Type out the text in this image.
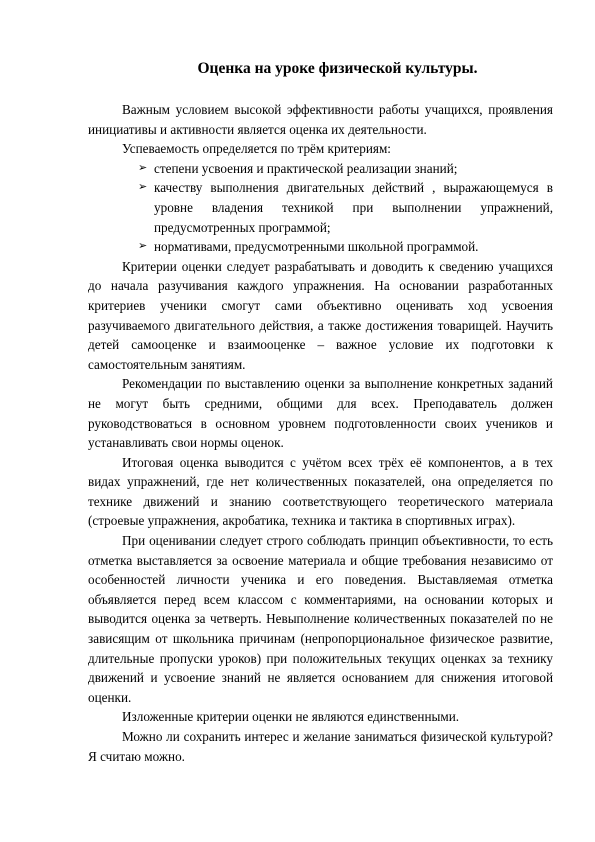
Оценка на уроке физической культуры.

Важным условием высокой эффективности работы учащихся, проявления инициативы и активности является оценка их деятельности.

Успеваемость определяется по трём критериям:

➢ степени усвоения и практической реализации знаний;
➢ качеству выполнения двигательных действий , выражающемуся в уровне владения техникой при выполнении упражнений, предусмотренных программой;
➢ нормативами, предусмотренными школьной программой.

Критерии оценки следует разрабатывать и доводить к сведению учащихся до начала разучивания каждого упражнения. На основании разработанных критериев ученики смогут сами объективно оценивать ход усвоения разучиваемого двигательного действия, а также достижения товарищей. Научить детей самооценке и взаимооценке – важное условие их подготовки к самостоятельным занятиям.

Рекомендации по выставлению оценки за выполнение конкретных заданий не могут быть средними, общими для всех. Преподаватель должен руководствоваться в основном уровнем подготовленности своих учеников и устанавливать свои нормы оценок.

Итоговая оценка выводится с учётом всех трёх её компонентов, а в тех видах упражнений, где нет количественных показателей, она определяется по технике движений и знанию соответствующего теоретического материала (строевые упражнения, акробатика, техника и тактика в спортивных играх).

При оценивании следует строго соблюдать принцип объективности, то есть отметка выставляется за освоение материала и общие требования независимо от особенностей личности ученика и его поведения. Выставляемая отметка объявляется перед всем классом с комментариями, на основании которых и выводится оценка за четверть. Невыполнение количественных показателей по не зависящим от школьника причинам (непропорциональное физическое развитие, длительные пропуски уроков) при положительных текущих оценках за технику движений и усвоение знаний не является основанием для снижения итоговой оценки.

Изложенные критерии оценки не являются единственными.

Можно ли сохранить интерес и желание заниматься физической культурой? Я считаю можно.
